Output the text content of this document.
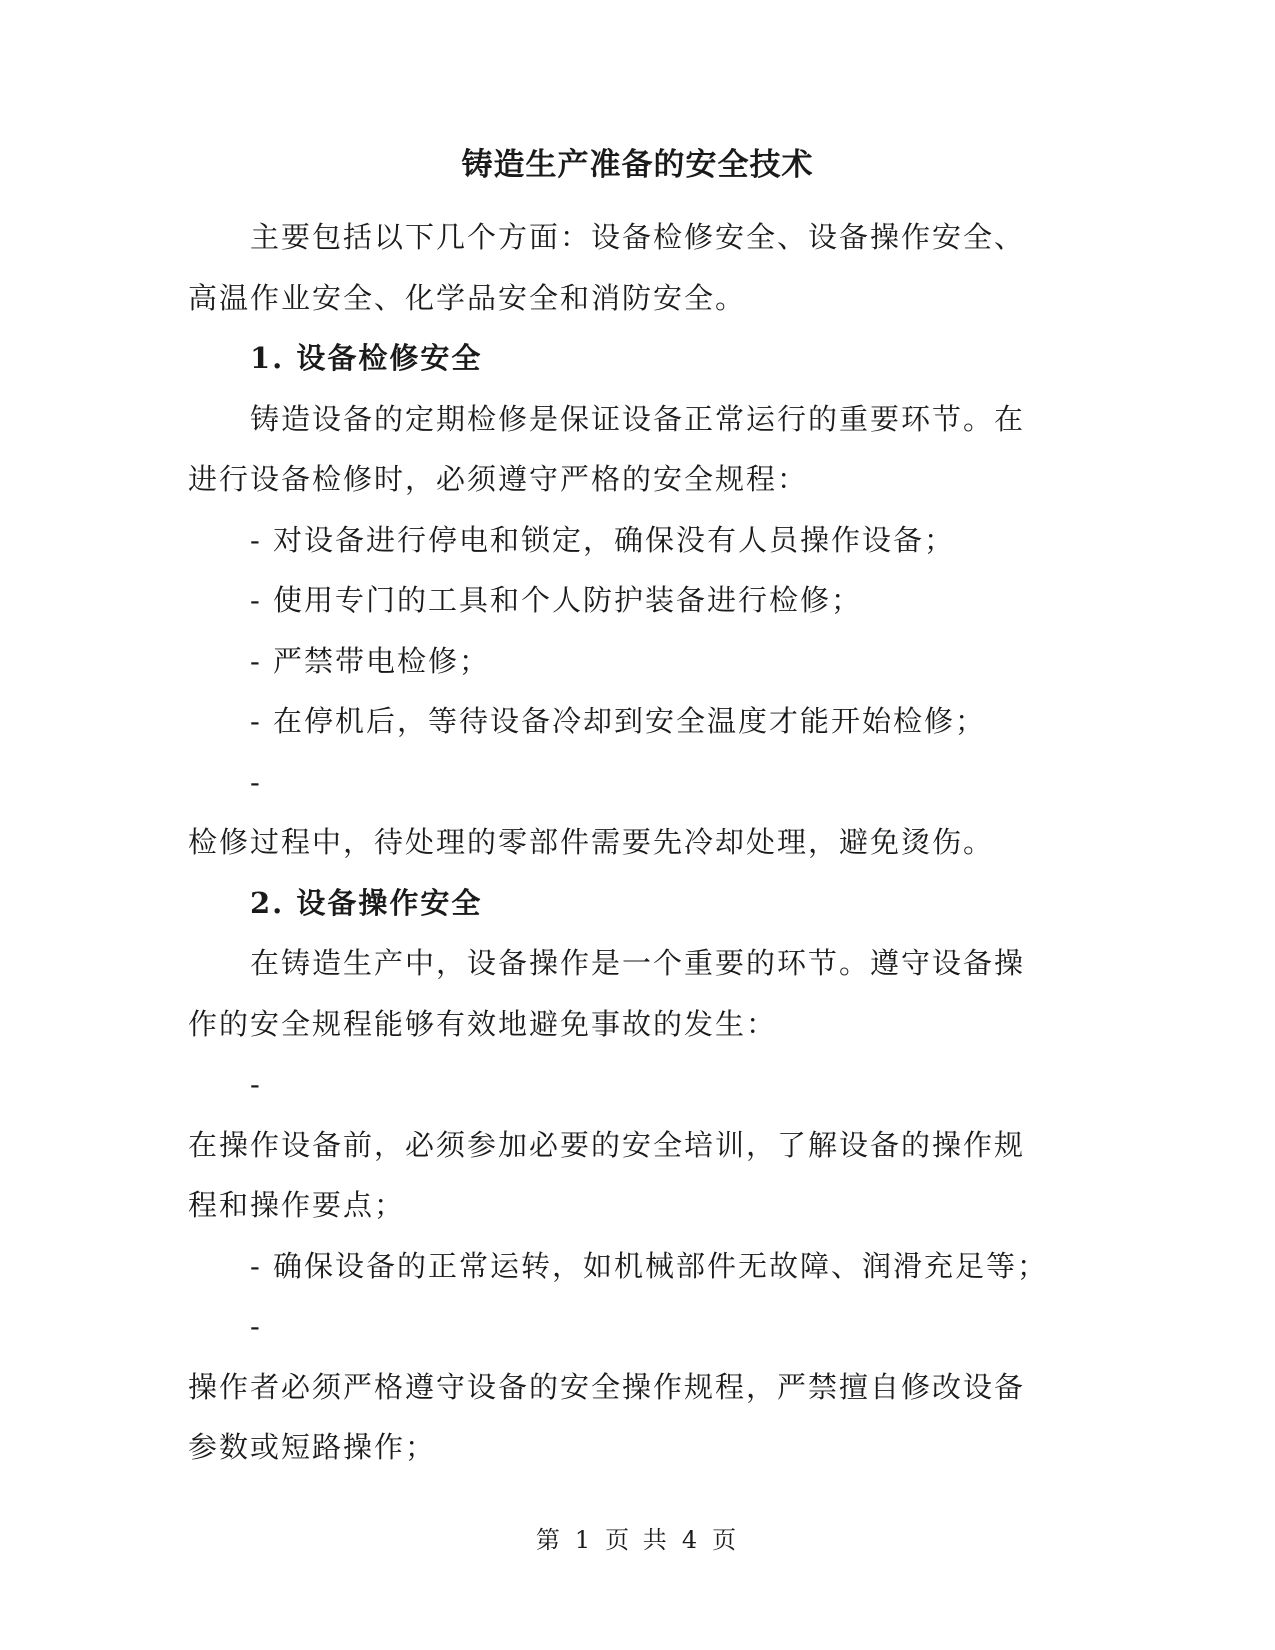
铸造生产准备的安全技术

主要包括以下几个方面：设备检修安全、设备操作安全、高温作业安全、化学品安全和消防安全。

1. 设备检修安全

铸造设备的定期检修是保证设备正常运行的重要环节。在进行设备检修时，必须遵守严格的安全规程：

- 对设备进行停电和锁定，确保没有人员操作设备；

- 使用专门的工具和个人防护装备进行检修；

- 严禁带电检修；

- 在停机后，等待设备冷却到安全温度才能开始检修；

-

检修过程中，待处理的零部件需要先冷却处理，避免烫伤。

2. 设备操作安全

在铸造生产中，设备操作是一个重要的环节。遵守设备操作的安全规程能够有效地避免事故的发生：

-

在操作设备前，必须参加必要的安全培训，了解设备的操作规程和操作要点；

- 确保设备的正常运转，如机械部件无故障、润滑充足等；

-

操作者必须严格遵守设备的安全操作规程，严禁擅自修改设备参数或短路操作；

第 1 页 共 4 页
